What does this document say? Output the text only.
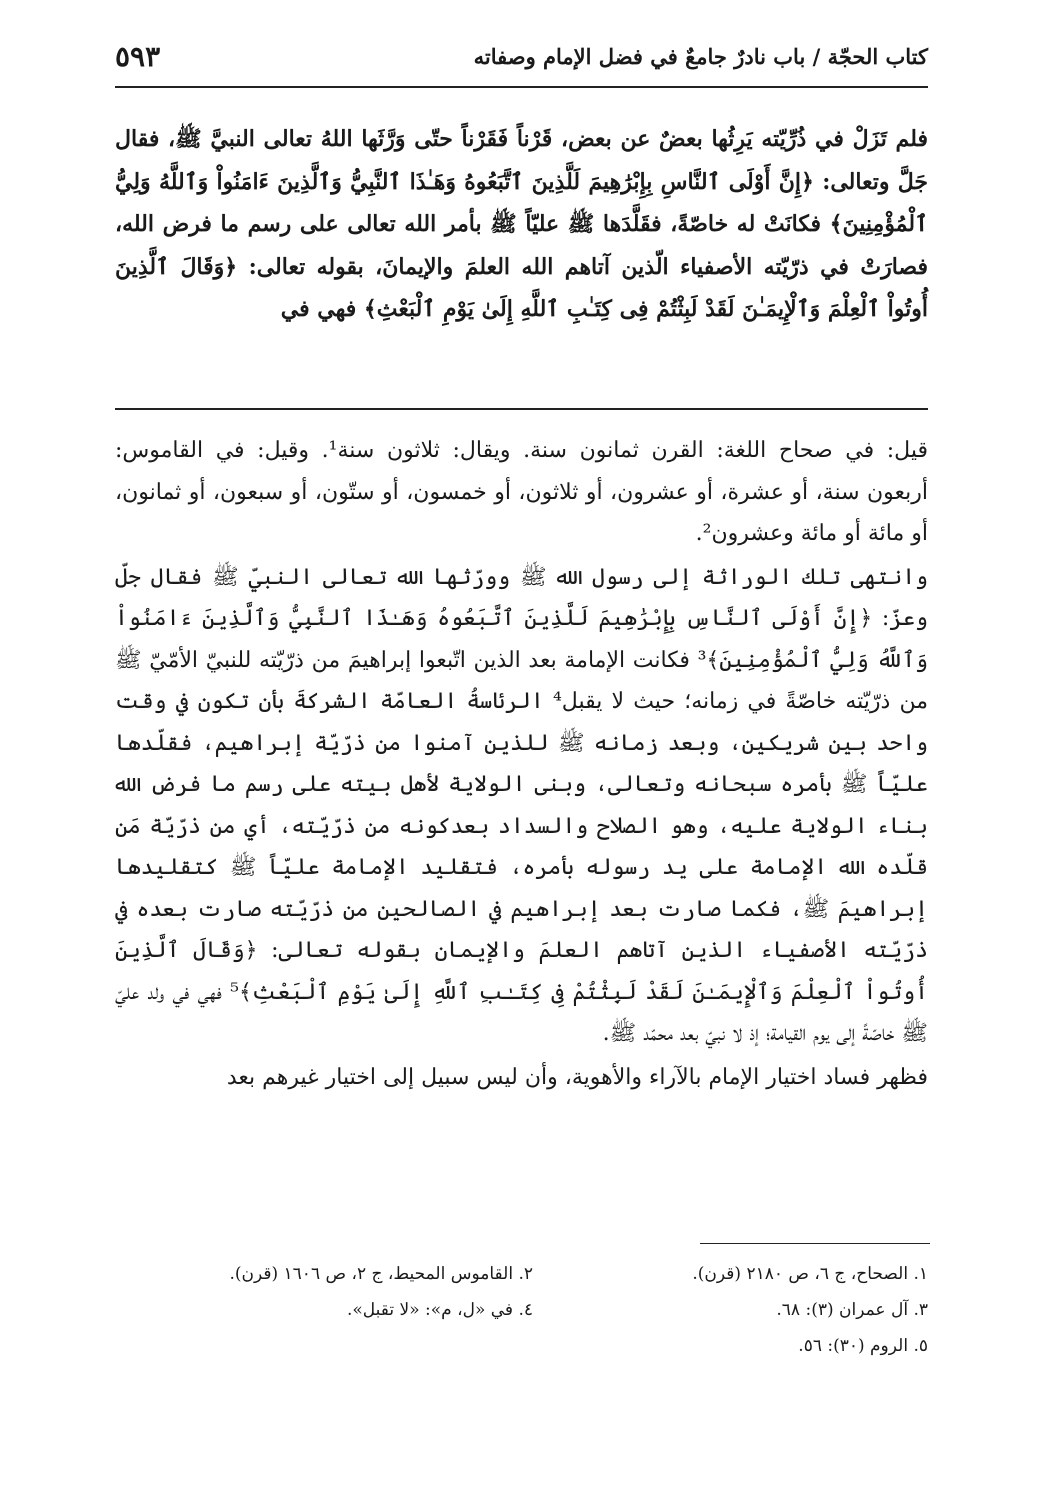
كتاب الحجّة / باب نادرٌ جامعٌ في فضل الإمام وصفاته
٥٩٣

فلم تَزَلْ في ذُرِّيّته يَرِثُها بعضٌ عن بعض، قَرْناً فَقَرْناً حتّى وَرَّثَها اللهُ تعالى النبيَّ ﷺ، فقال جَلَّ وتعالى: ﴿إِنَّ أَوْلَى ٱلنَّاسِ بِإِبْرَٰهِيمَ لَلَّذِينَ ٱتَّبَعُوهُ وَهَـٰذَا ٱلنَّبِيُّ وَٱلَّذِينَ ءَامَنُواْ وَٱللَّهُ وَلِيُّ ٱلْمُؤْمِنِينَ﴾ فكانَتْ له خاصّةً، فقَلَّدَها ﷺ عليّاً ﷺ بأمر الله تعالى على رسم ما فرض الله، فصارَتْ في ذرّيّته الأصفياء الّذين آتاهم الله العلمَ والإيمانَ، بقوله تعالى: ﴿وَقَالَ ٱلَّذِينَ أُوتُواْ ٱلْعِلْمَ وَٱلْإِيمَـٰنَ لَقَدْ لَبِثْتُمْ فِى كِتَـٰبِ ٱللَّهِ إِلَىٰ يَوْمِ ٱلْبَعْثِ﴾ فهي في

قيل: في صحاح اللغة: القرن ثمانون سنة. ويقال: ثلاثون سنة¹. وقيل: في القاموس: أربعون سنة، أو عشرة، أو عشرون، أو ثلاثون، أو خمسون، أو ستّون، أو سبعون، أو ثمانون، أو مائة أو مائة وعشرون².

وانتهى تلك الوراثة إلى رسول الله ﷺ وورّثها الله تعالى النبيّ ﷺ فقال جلّ وعزّ: ﴿إِنَّ أَوْلَى ٱلنَّاسِ بِإِبْرَٰهِيمَ لَلَّذِينَ ٱتَّبَعُوهُ وَهَـٰذَا ٱلنَّبِيُّ وَٱلَّذِينَ ءَامَنُواْ وَٱللَّهُ وَلِيُّ ٱلْمُؤْمِنِينَ﴾³ فكانت الإمامة بعد الذين اتّبعوا إبراهيمَ من ذرّيّته للنبيّ الأمّيّ ﷺ من ذرّيّته خاصّةً في زمانه؛ حيث لا يقبل⁴ الرئاسةُ العامّة الشركةَ بأن تكون في وقت واحد بين شريكين، وبعد زمانه ﷺ للذين آمنوا من ذرّيّة إبراهيم، فقلّدها عليّاً ﷺ بأمره سبحانه وتعالى، وبنى الولاية لأهل بيته على رسم ما فرض الله بناء الولاية عليه، وهو الصلاح والسداد بعدكونه من ذرّيّته، أي من ذرّيّة مَن قلّده الله الإمامة على يد رسوله بأمره، فتقليد الإمامة عليّاً ﷺ كتقليدها إبراهيمَ ﷺ، فكما صارت بعد إبراهيم في الصالحين من ذرّيّته صارت بعده في ذرّيّته الأصفياء الذين آتاهم العلمَ والإيمان بقوله تعالى: ﴿وَقَالَ ٱلَّذِينَ أُوتُواْ ٱلْعِلْمَ وَٱلْإِيمَـٰنَ لَقَدْ لَبِثْتُمْ فِى كِتَـٰبِ ٱللَّهِ إِلَىٰ يَوْمِ ٱلْبَعْثِ﴾⁵ فهي في ولد عليّ ﷺ خاصّةً إلى يوم القيامة؛ إذ لا نبيّ بعد محمّد ﷺ.

فظهر فساد اختيار الإمام بالآراء والأهوية، وأن ليس سبيل إلى اختيار غيرهم بعد

١. الصحاح، ج ٦، ص ٢١٨٠ (قرن).
٢. القاموس المحيط، ج ٢، ص ١٦٠٦ (قرن).
٣. آل عمران (٣): ٦٨.
٤. في «ل، م»: «لا تقبل».
٥. الروم (٣٠): ٥٦.
